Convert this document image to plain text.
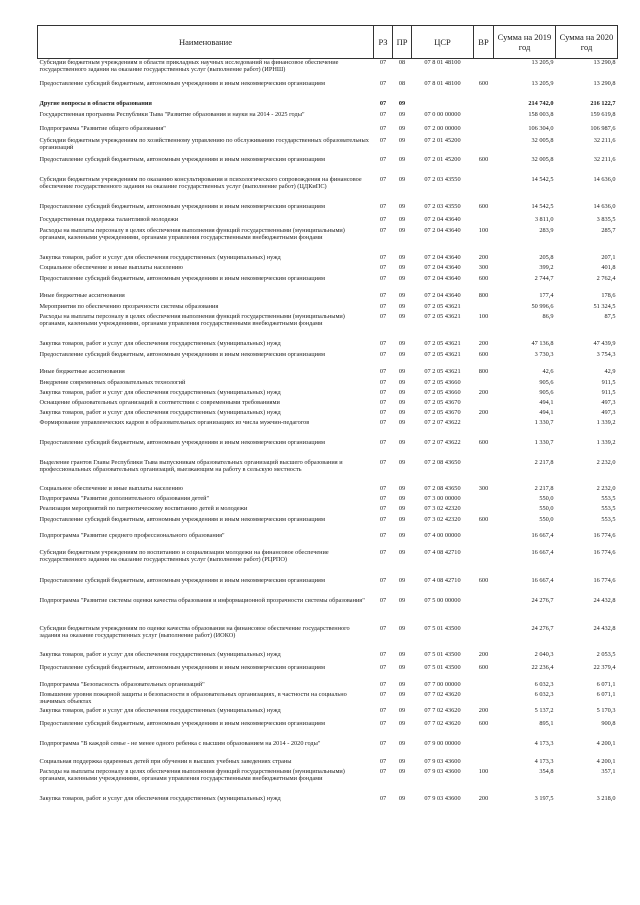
Наименование	РЗ	ПР	ЦСР	ВР	Сумма на 2019 год	Сумма на 2020 год
Субсидии бюджетным учреждениям в области прикладных научных исследований на финансовое обеспечение государственного задания на оказание государственных услуг (выполнение работ) (ИРНШ)	07	08	07 8 01 48100		13 205,9	13 290,8
Предоставление субсидий бюджетным, автономным учреждениям и иным некоммерческим организациям	07	08	07 8 01 48100	600	13 205,9	13 290,8
Другие вопросы в области образования	07	09			214 742,0	216 122,7
Государственная программа Республики Тыва "Развитие образования и науки на 2014 - 2025 годы"	07	09	07 0 00 00000		158 003,8	159 619,8
Подпрограмма "Развитие общего образования"	07	09	07 2 00 00000		106 304,0	106 987,6
Субсидии бюджетным учреждениям по хозяйственному управлению по обслуживанию государственных образовательных организаций	07	09	07 2 01 45200		32 005,8	32 211,6
Предоставление субсидий бюджетным, автономным учреждениям и иным некоммерческим организациям	07	09	07 2 01 45200	600	32 005,8	32 211,6
Субсидии бюджетным учреждениям по оказанию консультирования и психологического сопровождения на финансовое обеспечение государственного задания на оказание государственных услуг (выполнение работ) (ЦДКиПС)	07	09	07 2 03 43550		14 542,5	14 636,0
Предоставление субсидий бюджетным, автономным учреждениям и иным некоммерческим организациям	07	09	07 2 03 43550	600	14 542,5	14 636,0
Государственная поддержка талантливой молодежи	07	09	07 2 04 43640		3 811,0	3 835,5
Расходы на выплаты персоналу в целях обеспечения выполнения функций государственными (муниципальными) органами, казенными учреждениями, органами управления государственными внебюджетными фондами	07	09	07 2 04 43640	100	283,9	285,7
Закупка товаров, работ и услуг для обеспечения государственных (муниципальных) нужд	07	09	07 2 04 43640	200	205,8	207,1
Социальное обеспечение и иные выплаты населению	07	09	07 2 04 43640	300	399,2	401,8
Предоставление субсидий бюджетным, автономным учреждениям и иным некоммерческим организациям	07	09	07 2 04 43640	600	2 744,7	2 762,4
Иные бюджетные ассигнования	07	09	07 2 04 43640	800	177,4	178,6
Мероприятия по обеспечению прозрачности системы образования	07	09	07 2 05 43621		50 996,6	51 324,5
Расходы на выплаты персоналу в целях обеспечения выполнения функций государственными (муниципальными) органами, казенными учреждениями, органами управления государственными внебюджетными фондами	07	09	07 2 05 43621	100	86,9	87,5
Закупка товаров, работ и услуг для обеспечения государственных (муниципальных) нужд	07	09	07 2 05 43621	200	47 136,8	47 439,9
Предоставление субсидий бюджетным, автономным учреждениям и иным некоммерческим организациям	07	09	07 2 05 43621	600	3 730,3	3 754,3
Иные бюджетные ассигнования	07	09	07 2 05 43621	800	42,6	42,9
Внедрение современных образовательных технологий	07	09	07 2 05 43660		905,6	911,5
Закупка товаров, работ и услуг для обеспечения государственных (муниципальных) нужд	07	09	07 2 05 43660	200	905,6	911,5
Оснащение образовательных организаций в соответствии с современными требованиями	07	09	07 2 05 43670		494,1	497,3
Закупка товаров, работ и услуг для обеспечения государственных (муниципальных) нужд	07	09	07 2 05 43670	200	494,1	497,3
Формирование управленческих кадров в образовательных организациях из числа мужчин-педагогов	07	09	07 2 07 43622		1 330,7	1 339,2
Предоставление субсидий бюджетным, автономным учреждениям и иным некоммерческим организациям	07	09	07 2 07 43622	600	1 330,7	1 339,2
Выделение грантов Главы Республики Тыва выпускникам образовательных организаций высшего образования и профессиональных образовательных организаций, выезжающим на работу в сельскую местность	07	09	07 2 08 43650		2 217,8	2 232,0
Социальное обеспечение и иные выплаты населению	07	09	07 2 08 43650	300	2 217,8	2 232,0
Подпрограмма "Развитие дополнительного образования детей"	07	09	07 3 00 00000		550,0	553,5
Реализация мероприятий по патриотическому воспитанию детей и молодежи	07	09	07 3 02 42320		550,0	553,5
Предоставление субсидий бюджетным, автономным учреждениям и иным некоммерческим организациям	07	09	07 3 02 42320	600	550,0	553,5
Подпрограмма "Развитие среднего профессионального образования"	07	09	07 4 00 00000		16 667,4	16 774,6
Субсидии бюджетным учреждениям по воспитанию и социализации молодежи на финансовое обеспечение государственного задания на оказание государственных услуг (выполнение работ) (РЦРПО)	07	09	07 4 08 42710		16 667,4	16 774,6
Предоставление субсидий бюджетным, автономным учреждениям и иным некоммерческим организациям	07	09	07 4 08 42710	600	16 667,4	16 774,6
Подпрограмма "Развитие системы оценки качества образования и информационной прозрачности системы образования"	07	09	07 5 00 00000		24 276,7	24 432,8
Субсидии бюджетным учреждениям по оценке качества образования на финансовое обеспечение государственного задания на оказание государственных услуг (выполнение работ) (ИОКО)	07	09	07 5 01 43500		24 276,7	24 432,8
Закупка товаров, работ и услуг для обеспечения государственных (муниципальных) нужд	07	09	07 5 01 43500	200	2 040,3	2 053,5
Предоставление субсидий бюджетным, автономным учреждениям и иным некоммерческим организациям	07	09	07 5 01 43500	600	22 236,4	22 379,4
Подпрограмма "Безопасность образовательных организаций"	07	09	07 7 00 00000		6 032,3	6 071,1
Повышение уровня пожарной защиты и безопасности в образовательных организациях, в частности на социально значимых объектах	07	09	07 7 02 43620		6 032,3	6 071,1
Закупка товаров, работ и услуг для обеспечения государственных (муниципальных) нужд	07	09	07 7 02 43620	200	5 137,2	5 170,3
Предоставление субсидий бюджетным, автономным учреждениям и иным некоммерческим организациям	07	09	07 7 02 43620	600	895,1	900,8
Подпрограмма "В каждой семье - не менее одного ребенка с высшим образованием на 2014 - 2020 годы"	07	09	07 9 00 00000		4 173,3	4 200,1
Социальная поддержка одаренных детей при обучении в высших учебных заведениях страны	07	09	07 9 03 43600		4 173,3	4 200,1
Расходы на выплаты персоналу в целях обеспечения выполнения функций государственными (муниципальными) органами, казенными учреждениями, органами управления государственными внебюджетными фондами	07	09	07 9 03 43600	100	354,8	357,1
Закупка товаров, работ и услуг для обеспечения государственных (муниципальных) нужд	07	09	07 9 03 43600	200	3 197,5	3 218,0
